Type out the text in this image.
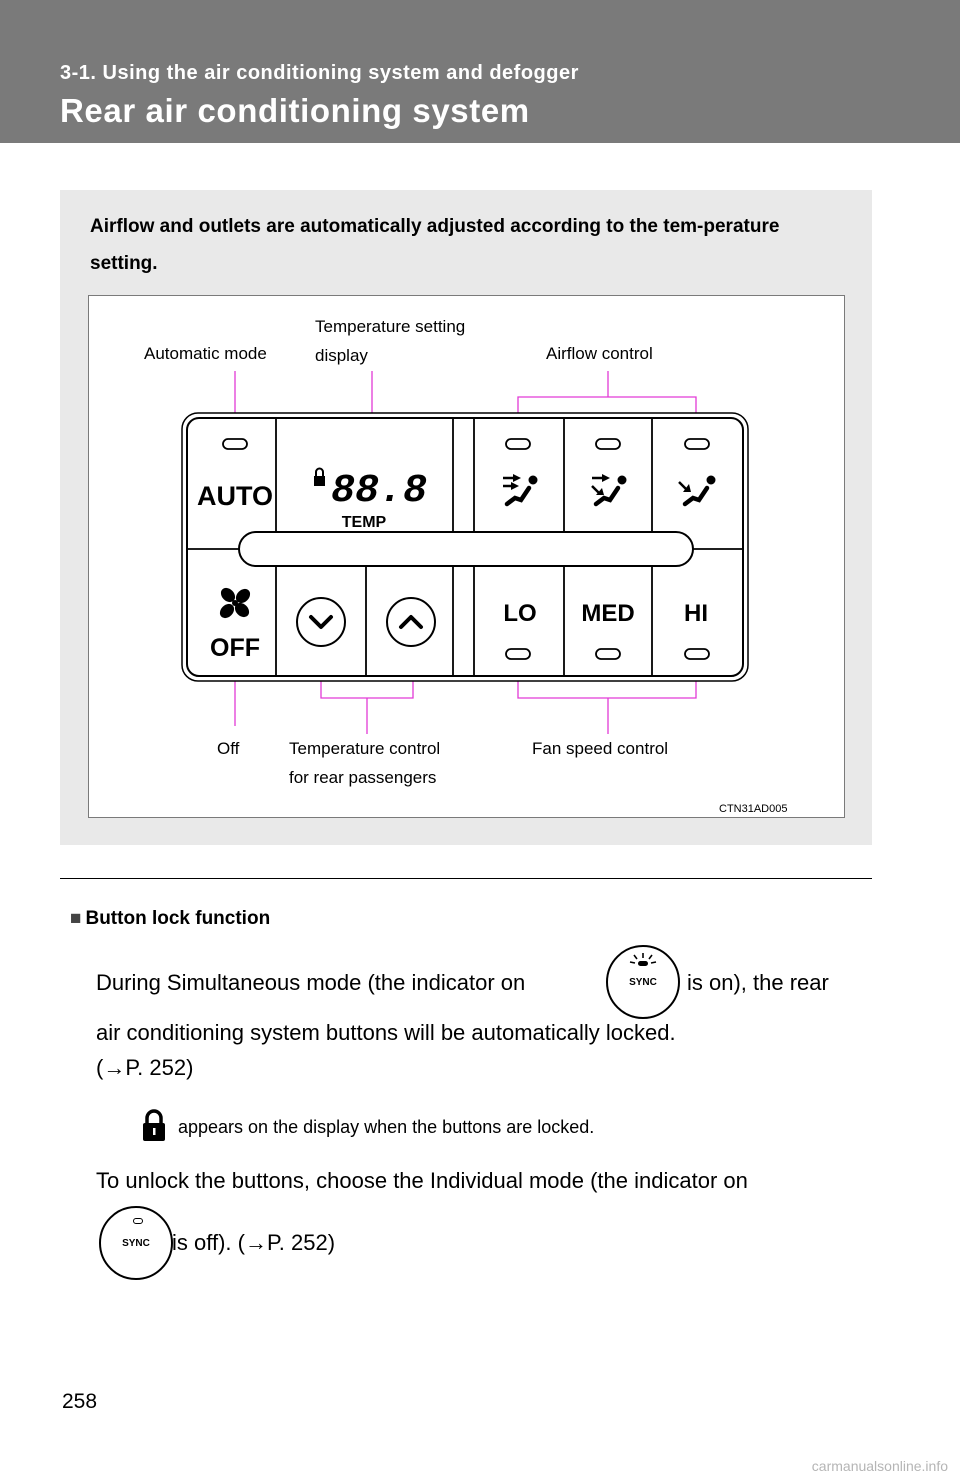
3-1. Using the air conditioning system and defogger
Rear air conditioning system
Airflow and outlets are automatically adjusted according to the tem-perature setting.
Automatic mode
Temperature setting
display	Airflow control
Off	Temperature control
for rear passengers
Fan speed control
CTN31AD005
AUTO 88.8
TEMP
OFF
LO MED HI
■ Button lock function
During Simultaneous mode (the indicator on	SYNC	is on), the rear
air conditioning system buttons will be automatically locked.
(→P. 252)
appears on the display when the buttons are locked.
To unlock the buttons, choose the Individual mode (the indicator on
SYNC	is off). (→P. 252)
258
carmanualsonline.info
